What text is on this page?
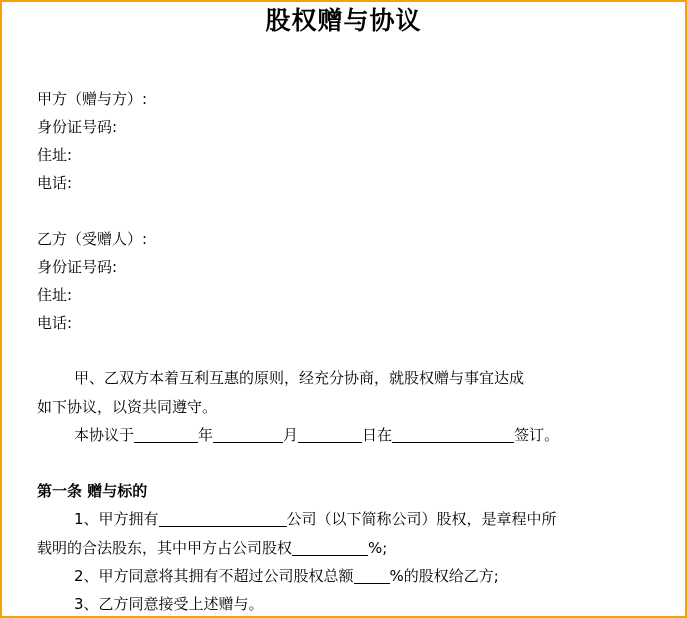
股权赠与协议
甲方（赠与方）:
身份证号码:
住址:
电话:
乙方（受赠人）:
身份证号码:
住址:
电话:
甲、乙双方本着互利互惠的原则，经充分协商，就股权赠与事宜达成
如下协议，以资共同遵守。
本协议于	年	月	日在	签订。
第一条 赠与标的
1、甲方拥有	公司（以下简称公司）股权，是章程中所
载明的合法股东，其中甲方占公司股权	%;
2、甲方同意将其拥有不超过公司股权总额 %的股权给乙方;
3、乙方同意接受上述赠与。
